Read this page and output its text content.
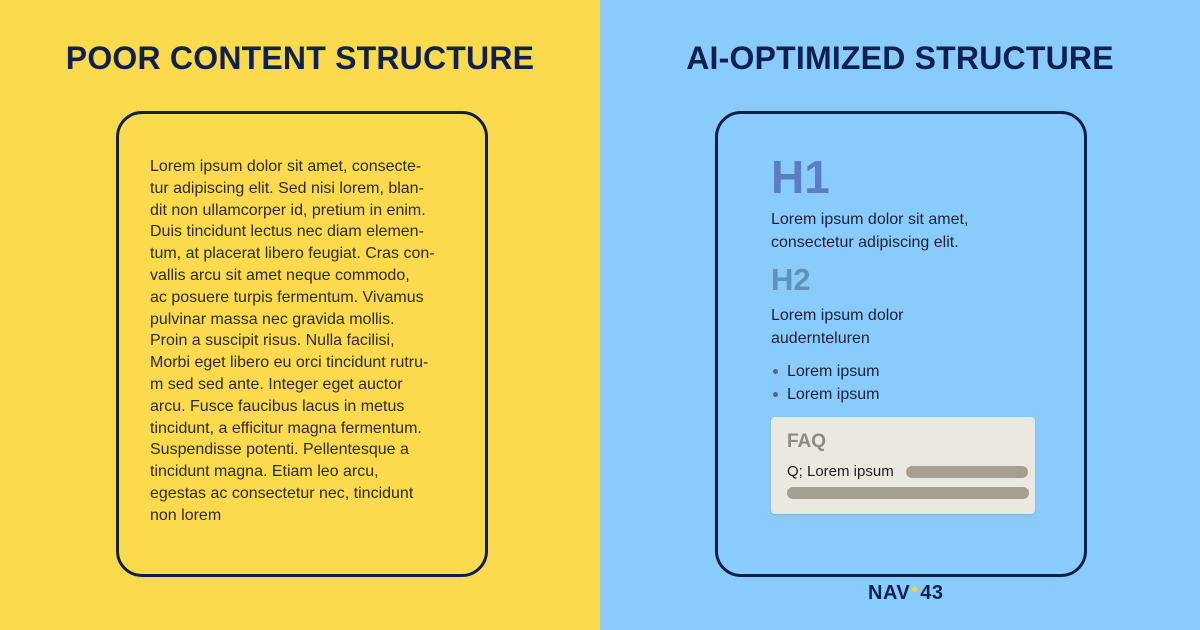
POOR CONTENT STRUCTURE
Lorem ipsum dolor sit amet, consecte-
tur adipiscing elit. Sed nisi lorem, blan-
dit non ullamcorper id, pretium in enim.
Duis tincidunt lectus nec diam elemen-
tum, at placerat libero feugiat. Cras con-
vallis arcu sit amet neque commodo,
ac posuere turpis fermentum. Vivamus
pulvinar massa nec gravida mollis.
Proin a suscipit risus. Nulla facilisi,
Morbi eget libero eu orci tincidunt rutru-
m sed sed ante. Integer eget auctor
arcu. Fusce faucibus lacus in metus
tincidunt, a efficitur magna fermentum.
Suspendisse potenti. Pellentesque a
tincidunt magna. Etiam leo arcu,
egestas ac consectetur nec, tincidunt
non lorem
AI-OPTIMIZED STRUCTURE
H1
Lorem ipsum dolor sit amet,
consectetur adipiscing elit.
H2
Lorem ipsum dolor
audernteluren
Lorem ipsum
Lorem ipsum
FAQ
Q; Lorem ipsum
NAV 43
